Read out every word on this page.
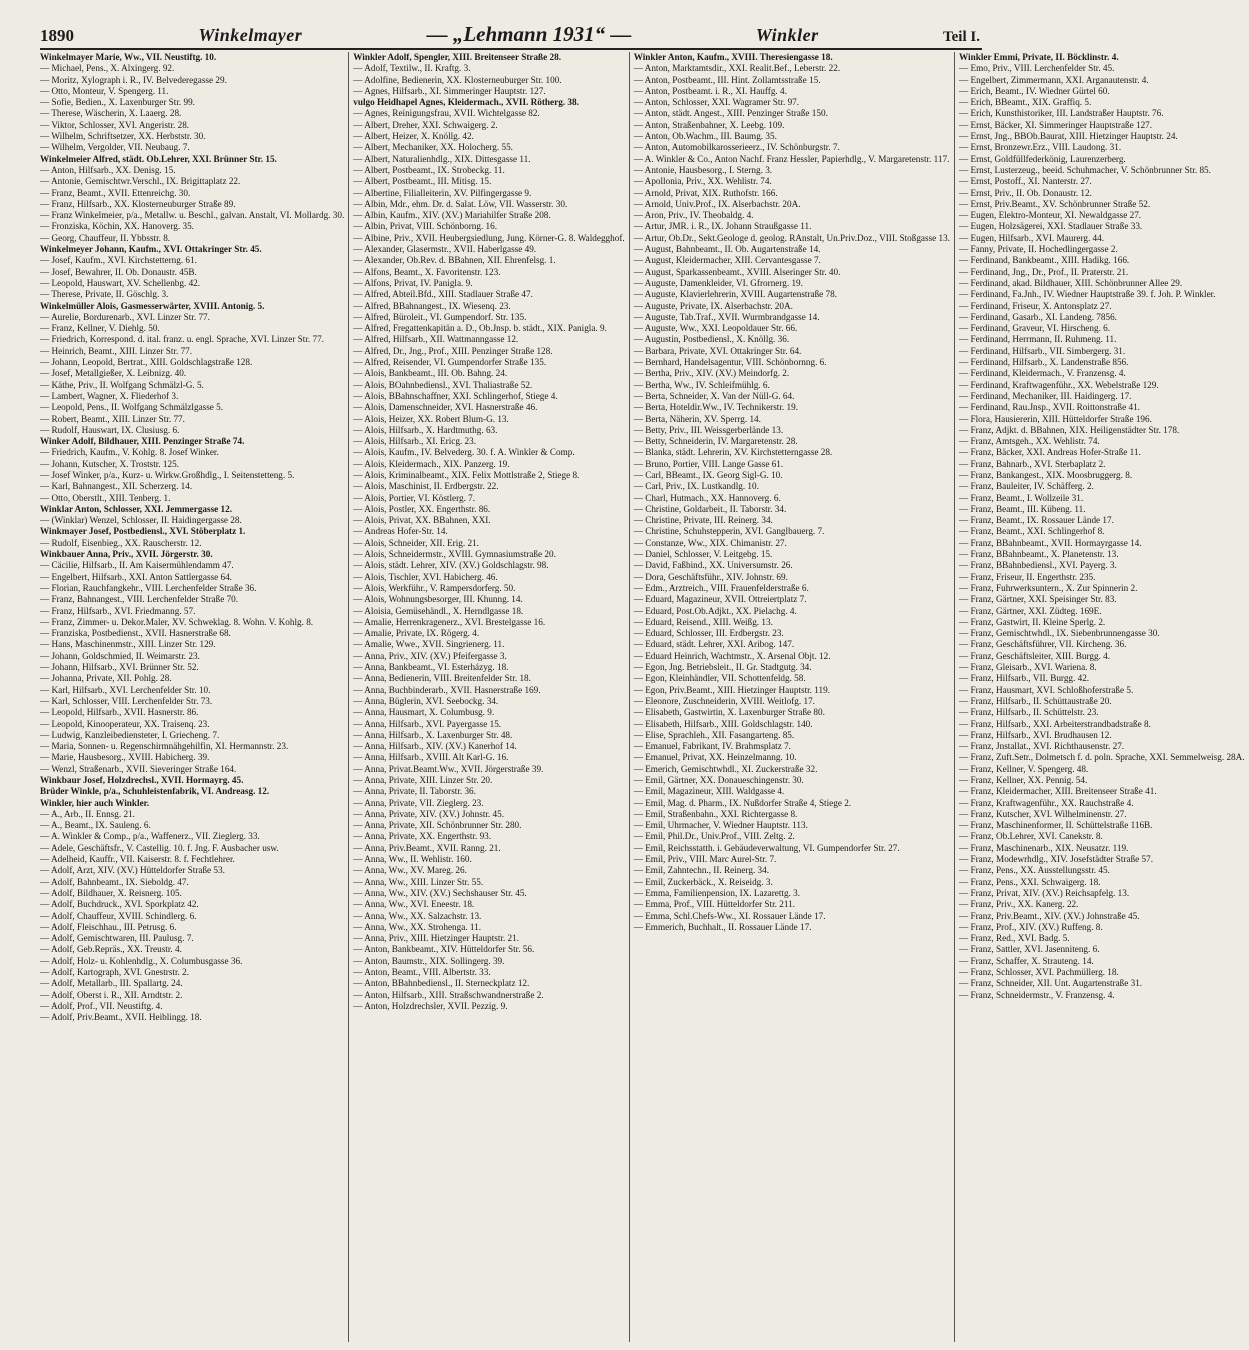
1890	Winkelmayer	— „Lehmann 1931“ —	Winkler	Teil I.
Winkelmayer Marie, Ww., VII. Neustiftg. 10.
— Michael, Pens., X. Alxingerg. 92.
— Moritz, Xylograph i. R., IV. Belvederegasse 29.
— Otto, Monteur, V. Spengerg. 11.
— Sofie, Bedien., X. Laxenburger Str. 99.
— Therese, Wäscherin, X. Laaerg. 28.
— Viktor, Schlosser, XVI. Angeristr. 28.
— Wilhelm, Schriftsetzer, XX. Herbststr. 30.
— Wilhelm, Vergolder, VII. Neubaug. 7.
Winkelmeier Alfred, städt. Ob.Lehrer, XXI. Brünner Str. 15.
— Anton, Hilfsarb., XX. Denisg. 15.
— Antonie, Gemischtwr.Verschl., IX. Brigittaplatz 22.
— Franz, Beamt., XVII. Ettenreichg. 30.
— Franz, Hilfsarb., XX. Klosterneuburger Straße 89.
— Franz Winkelmeier, p/a., Metallw. u. Beschl., galvan. Anstalt, VI. Mollardg. 30.
— Fronziska, Köchin, XX. Hanoverg. 35.
— Georg, Chauffeur, II. Ybbsstr. 8.
Winkelmeyer Johann, Kaufm., XVI. Ottakringer Str. 45.
— Josef, Kaufm., XVI. Kirchstetterng. 61.
— Josef, Bewahrer, II. Ob. Donaustr. 45B.
— Leopold, Hauswart, XV. Schellenbg. 42.
— Therese, Private, II. Göschlg. 3.
Winkelmüller Alois, Gasmesserwärter, XVIII. Antonig. 5.
— Aurelie, Bordurenarb., XVI. Linzer Str. 77.
— Franz, Kellner, V. Diehlg. 50.
— Friedrich, Korrespond. d. ital. franz. u. engl. Sprache, XVI. Linzer Str. 77.
— Heinrich, Beamt., XIII. Linzer Str. 77.
— Johann, Leopold, Bertrat., XIII. Goldschlagstraße 128.
— Josef, Metallgießer, X. Leibnizg. 40.
— Käthe, Priv., II. Wolfgang Schmälzl-G. 5.
— Lambert, Wagner, X. Fliederhof 3.
— Leopold, Pens., II. Wolfgang Schmälzlgasse 5.
— Robert, Beamt., XIII. Linzer Str. 77.
— Rudolf, Hauswart, IX. Clusiusg. 6.
Winker Adolf, Bildhauer, XIII. Penzinger Straße 74.
— Friedrich, Kaufm., V. Kohlg. 8. Josef Winker.
— Johann, Kutscher, X. Troststr. 125.
— Josef Winker, p/a., Kurz- u. Wirkw.Großhdlg., I. Seitenstetteng. 5.
— Karl, Bahnangest., XII. Scherzerg. 14.
— Otto, Oberstlt., XIII. Tenberg. 1.
Winklar Anton, Schlosser, XXI. Jemmergasse 12.
— (Winklar) Wenzel, Schlosser, II. Haidingergasse 28.
Winkmayer Josef, Postbediensl., XVI. Stöberplatz 1.
— Rudolf, Eisenbieg., XX. Rauscherstr. 12.
Winkbauer Anna, Priv., XVII. Jörgerstr. 30.
— Cäcilie, Hilfsarb., II. Am Kaisermühlendamm 47.
— Engelbert, Hilfsarb., XXI. Anton Sattlergasse 64.
— Florian, Rauchfangkehr., VIII. Lerchenfelder Straße 36.
— Franz, Bahnangest., VIII. Lerchenfelder Straße 70.
— Franz, Hilfsarb., XVI. Friedmanng. 57.
— Franz, Zimmer- u. Dekor.Maler, XV. Schweklag. 8. Wohn. V. Kohlg. 8.
— Franziska, Postbedienst., XVII. Hasnerstraße 68.
— Hans, Maschinenmstr., XIII. Linzer Str. 129.
— Johann, Goldschmied, II. Weimarstr. 23.
— Johann, Hilfsarb., XVI. Brünner Str. 52.
— Johanna, Private, XII. Pohlg. 28.
— Karl, Hilfsarb., XVI. Lerchenfelder Str. 10.
— Karl, Schlosser, VIII. Lerchenfelder Str. 73.
— Leopold, Hilfsarb., XVII. Hasnerstr. 86.
— Leopold, Kinooperateur, XX. Traisenq. 23.
— Ludwig, Kanzleibediensteter, I. Griecheng. 7.
— Maria, Sonnen- u. Regenschirmnähgehilfin, XI. Hermannstr. 23.
— Marie, Hausbesorg., XVIII. Habicherg. 39.
— Wenzl, Straßenarb., XVII. Sieveringer Straße 164.
Winkbaur Josef, Holzdrechsl., XVII. Hormayrg. 45.
Brüder Winkle, p/a., Schuhleistenfabrik, VI. Andreasg. 12.
Winkler, hier auch Winkler.
— A., Arb., II. Ennsg. 21.
— A., Beamt., IX. Sauleng. 6.
— A. Winkler & Comp., p/a., Waffenerz., VII. Zieglerg. 33.
— Adele, Geschäftsfr., V. Castellig. 10. f. Jng. F. Ausbacher usw.
— Adelheid, Kauffr., VII. Kaiserstr. 8. f. Fechtlehrer.
— Adolf, Arzt, XIV. (XV.) Hütteldorfer Straße 53.
— Adolf, Bahnbeamt., IX. Sieboldg. 47.
— Adolf, Bildhauer, X. Reisnerg. 105.
— Adolf, Buchdruck., XVI. Sporkplatz 42.
— Adolf, Chauffeur, XVIII. Schindlerg. 6.
— Adolf, Fleischhau., III. Petrusg. 6.
— Adolf, Gemischtwaren, III. Paulusg. 7.
— Adolf, Geb.Repräs., XX. Treustr. 4.
— Adolf, Holz- u. Kohlenhdlg., X. Columbusgasse 36.
— Adolf, Kartograph, XVI. Gnestrstr. 2.
— Adolf, Metallarb., III. Spallartg. 24.
— Adolf, Oberst i. R., XII. Arndtstr. 2.
— Adolf, Prof., VII. Neustiftg. 4.
— Adolf, Priv.Beamt., XVII. Heiblingg. 18.
Winkler Adolf, Spengler, XIII. Breitenseer Straße 28.
— Adolf, Textilw., II. Kraftg. 3.
— Adolfine, Bedienerin, XX. Klosterneuburger Str. 100.
— Agnes, Hilfsarb., XI. Simmeringer Hauptstr. 127.
vulgo Heidhapel Agnes, Kleidermach., XVII. Rötherg. 38.
— Agnes, Reinigungsfrau, XVII. Wichtelgasse 82.
— Albert, Dreher, XXI. Schwaigerg. 2.
— Albert, Heizer, X. Knöllg. 42.
— Albert, Mechaniker, XX. Holocherg. 55.
— Albert, Naturalienhdlg., XIX. Dittesgasse 11.
— Albert, Postbeamt., IX. Strobeckg. 11.
— Albert, Postbeamt., III. Mitisg. 15.
— Albertine, Filialleiterin, XV. Pilfingergasse 9.
— Albin, Mdr., ehm. Dr. d. Salat. Löw, VII. Wasserstr. 30.
— Albin, Kaufm., XIV. (XV.) Mariahilfer Straße 208.
— Albin, Privat, VIII. Schönborng. 16.
— Albine, Priv., XVII. Heubergsiedlung, Jung. Körner-G. 8. Waldegghof.
— Alexander, Glasermstr., XVII. Haberlgasse 49.
— Alexander, Ob.Rev. d. BBahnen, XII. Ehrenfelsg. 1.
— Alfons, Beamt., X. Favoritenstr. 123.
— Alfons, Privat, IV. Panigla. 9.
— Alfred, Abteil.Bfd., XIII. Stadlauer Straße 47.
— Alfred, BBahnangest., IX. Wiesenq. 23.
— Alfred, Büroleit., VI. Gumpendorf. Str. 135.
— Alfred, Fregattenkapitän a. D., Ob.Jnsp. b. städt., XIX. Panigla. 9.
— Alfred, Hilfsarb., XII. Wattmanngasse 12.
— Alfred, Dr., Jng., Prof., XIII. Penzinger Straße 128.
— Alfred, Reisender, VI. Gumpendorfer Straße 135.
— Alois, Bankbeamt., III. Ob. Bahng. 24.
— Alois, BOahnbediensl., XVI. Thaliastraße 52.
— Alois, BBahnschaffner, XXI. Schlingerhof, Stiege 4.
— Alois, Damenschneider, XVI. Hasnerstraße 46.
— Alois, Heizer, XX. Robert Blum-G. 13.
— Alois, Hilfsarb., X. Hardtmuthg. 63.
— Alois, Hilfsarb., XI. Ericg. 23.
— Alois, Kaufm., IV. Belvederg. 30. f. A. Winkler & Comp.
— Alois, Kleidermach., XIX. Panzerg. 19.
— Alois, Kriminalbeamt., XIX. Felix Mottlstraße 2, Stiege 8.
— Alois, Maschinist, II. Erdbergstr. 22.
— Alois, Portier, VI. Köstlerg. 7.
— Alois, Postler, XX. Engerthstr. 86.
— Alois, Privat, XX. BBahnen, XXI.
— Andreas Hofer-Str. 14.
— Alois, Schneider, XII. Erig. 21.
— Alois, Schneidermstr., XVIII. Gymnasiumstraße 20.
— Alois, städt. Lehrer, XIV. (XV.) Goldschlagstr. 98.
— Alois, Tischler, XVI. Habicherg. 46.
— Alois, Werkführ., V. Rampersdorferg. 50.
— Alois, Wohnungsbesorger, III. Khunng. 14.
— Aloisia, Gemüsehändl., X. Herndlgasse 18.
— Amalie, Herrenkragenerz., XVI. Brestelgasse 16.
— Amalie, Private, IX. Rögerg. 4.
— Amalie, Wwe., XVII. Singrienerg. 11.
— Anna, Priv., XIV. (XV.) Pfeifergasse 3.
— Anna, Bankbeamt., VI. Esterházyg. 18.
— Anna, Bedienerin, VIII. Breitenfelder Str. 18.
— Anna, Buchbinderarb., XVII. Hasnerstraße 169.
— Anna, Büglerin, XVI. Seebockg. 34.
— Anna, Hausmart, X. Columbusg. 9.
— Anna, Hilfsarb., XVI. Payergasse 15.
— Anna, Hilfsarb., X. Laxenburger Str. 48.
— Anna, Hilfsarb., XIV. (XV.) Kanerhof 14.
— Anna, Hilfsarb., XVIII. Alt Karl-G. 16.
— Anna, Privat.Beamt.Ww., XVII. Jörgerstraße 39.
— Anna, Private, XIII. Linzer Str. 20.
— Anna, Private, II. Taborstr. 36.
— Anna, Private, VII. Zieglerg. 23.
— Anna, Private, XIV. (XV.) Johnstr. 45.
— Anna, Private, XII. Schönbrunner Str. 280.
— Anna, Private, XX. Engerthstr. 93.
— Anna, Priv.Beamt., XVII. Ranng. 21.
— Anna, Ww., II. Wehlistr. 160.
— Anna, Ww., XV. Mareg. 26.
— Anna, Ww., XIII. Linzer Str. 55.
— Anna, Ww., XIV. (XV.) Sechshauser Str. 45.
— Anna, Ww., XVI. Eneestr. 18.
— Anna, Ww., XX. Salzachstr. 13.
— Anna, Ww., XX. Strohenga. 11.
— Anna, Priv., XIII. Hietzinger Hauptstr. 21.
— Anton, Bankbeamt., XIV. Hütteldorfer Str. 56.
— Anton, Baumstr., XIX. Sollingerg. 39.
— Anton, Beamt., VIII. Albertstr. 33.
— Anton, BBahnbediensl., II. Sterneckplatz 12.
— Anton, Hilfsarb., XIII. Straßschwandnerstraße 2.
— Anton, Holzdrechsler, XVII. Pezzig. 9.
Winkler Anton, Kaufm., XVIII. Theresiengasse 18.
— Anton, Marktamtsdir., XXI. Realit.Bef., Leberstr. 22.
— Anton, Postbeamt., III. Hint. Zollamtsstraße 15.
— Anton, Postbeamt. i. R., XI. Hauffg. 4.
— Anton, Schlosser, XXI. Wagramer Str. 97.
— Anton, städt. Angest., XIII. Penzinger Straße 150.
— Anton, Straßenbahner, X. Leebg. 109.
— Anton, Ob.Wachm., III. Baumg. 35.
— Anton, Automobilkarosserieerz., IV. Schönburgstr. 7.
— A. Winkler & Co., Anton Nachf. Franz Hessler, Papierhdlg., V. Margaretenstr. 117.
— Antonie, Hausbesorg., I. Sterng. 3.
— Apollonia, Priv., XX. Wehlistr. 74.
— Arnold, Privat, XIX. Ruthofstr. 166.
— Arnold, Univ.Prof., IX. Alserbachstr. 20A.
— Aron, Priv., IV. Theobaldg. 4.
— Artur, JMR. i. R., IX. Johann Straußgasse 11.
— Artur, Ob.Dr., Sekt.Geologe d. geolog. RAnstalt, Un.Priv.Doz., VIII. Stoßgasse 13.
— August, Bahnbeamt., II. Ob. Augartenstraße 14.
— August, Kleidermacher, XIII. Cervantesgasse 7.
— August, Sparkassenbeamt., XVIII. Alseringer Str. 40.
— Auguste, Damenkleider, VI. Gfrornerg. 19.
— Auguste, Klavierlehrerin, XVIII. Augartenstraße 78.
— Auguste, Private, IX. Alserbachstr. 20A.
— Auguste, Tab.Traf., XVII. Wurmbrandgasse 14.
— Auguste, Ww., XXI. Leopoldauer Str. 66.
— Augustin, Postbediensl., X. Knöllg. 36.
— Barbara, Private, XVI. Ottakringer Str. 64.
— Bernhard, Handelsagentur, VIII. Schönbornng. 6.
— Bertha, Priv., XIV. (XV.) Meindorfg. 2.
— Bertha, Ww., IV. Schleifmühlg. 6.
— Berta, Schneider, X. Van der Nüll-G. 64.
— Berta, Hoteldir.Ww., IV. Technikerstr. 19.
— Berta, Näherin, XV. Sperrg. 14.
— Betty, Priv., III. Weissgerberlände 13.
— Betty, Schneiderin, IV. Margaretenstr. 28.
— Blanka, städt. Lehrerin, XV. Kirchstetterngasse 28.
— Bruno, Portier, VIII. Lange Gasse 61.
— Carl, BBeamt., IX. Georg Sigl-G. 10.
— Carl, Priv., IX. Lustkandlg. 10.
— Charl, Hutmach., XX. Hannoverg. 6.
— Christine, Goldarbeit., II. Taborstr. 34.
— Christine, Private, III. Reinerg. 34.
— Christine, Schuhstepperin, XVI. Ganglbauerg. 7.
— Constanze, Ww., XIX. Chimanistr. 27.
— Daniel, Schlosser, V. Leitgebg. 15.
— David, Faßbind., XX. Universumstr. 26.
— Dora, Geschäftsführ., XIV. Johnstr. 69.
— Edm., Arztreich., VIII. Frauenfelderstraße 6.
— Eduard, Magazineur, XVII. Ottreiertplatz 7.
— Eduard, Post.Ob.Adjkt., XX. Pielachg. 4.
— Eduard, Reisend., XIII. Weißg. 13.
— Eduard, Schlosser, III. Erdbergstr. 23.
— Eduard, städt. Lehrer, XXI. Aribog. 147.
— Eduard Heinrich, Wachtmstr., X. Arsenal Objt. 12.
— Egon, Jng. Betriebsleit., II. Gr. Stadtgutg. 34.
— Egon, Kleinhändler, VII. Schottenfeldg. 58.
— Egon, Priv.Beamt., XIII. Hietzinger Hauptstr. 119.
— Eleonore, Zuschneiderin, XVIII. Weitlofg. 17.
— Elisabeth, Gastwirtin, X. Laxenburger Straße 80.
— Elisabeth, Hilfsarb., XIII. Goldschlagstr. 140.
— Elise, Sprachleh., XII. Fasangarteng. 85.
— Emanuel, Fabrikant, IV. Brahmsplatz 7.
— Emanuel, Privat, XX. Heinzelmanng. 10.
— Emerich, Gemischtwhdl., XI. Zuckerstraße 32.
— Emil, Gärtner, XX. Donaueschingenstr. 30.
— Emil, Magazineur, XIII. Waldgasse 4.
— Emil, Mag. d. Pharm., IX. Nußdorfer Straße 4, Stiege 2.
— Emil, Straßenbahn., XXI. Richtergasse 8.
— Emil, Uhrmacher, V. Wiedner Hauptstr. 113.
— Emil, Phil.Dr., Univ.Prof., VIII. Zeltg. 2.
— Emil, Reichsstatth. i. Gebäudeverwaltung, VI. Gumpendorfer Str. 27.
— Emil, Priv., VIII. Marc Aurel-Str. 7.
— Emil, Zahntechn., II. Reinerg. 34.
— Emil, Zuckerbäck., X. Reiseidg. 3.
— Emma, Familienpension, IX. Lazarettg. 3.
— Emma, Prof., VIII. Hütteldorfer Str. 211.
— Emma, Schl.Chefs-Ww., XI. Rossauer Lände 17.
— Emmerich, Buchhalt., II. Rossauer Lände 17.
Winkler Emmi, Private, II. Böcklinstr. 4.
— Emo, Priv., VIII. Lerchenfelder Str. 45.
— Engelbert, Zimmermann, XXI. Arganautenstr. 4.
— Erich, Beamt., IV. Wiedner Gürtel 60.
— Erich, BBeamt., XIX. Graffiq. 5.
— Erich, Kunsthistoriker, III. Landstraßer Hauptstr. 76.
— Ernst, Bäcker, XI. Simmeringer Hauptstraße 127.
— Ernst, Jng., BBOb.Baurat, XIII. Hietzinger Hauptstr. 24.
— Ernst, Bronzewr.Erz., VIII. Laudong. 31.
— Ernst, Goldfüllfederkönig, Laurenzerberg.
— Ernst, Lusterzeug., beeid. Schuhmacher, V. Schönbrunner Str. 85.
— Ernst, Postoff., XI. Nanterstr. 27.
— Ernst, Priv., II. Ob. Donaustr. 12.
— Ernst, Priv.Beamt., XV. Schönbrunner Straße 52.
— Eugen, Elektro-Monteur, XI. Newaldgasse 27.
— Eugen, Holzsägerei, XXI. Stadlauer Straße 33.
— Eugen, Hilfsarb., XVI. Maurerg. 44.
— Fanny, Private, II. Hochedlingergasse 2.
— Ferdinand, Bankbeamt., XIII. Hadikg. 166.
— Ferdinand, Jng., Dr., Prof., II. Praterstr. 21.
— Ferdinand, akad. Bildhauer, XIII. Schönbrunner Allee 29.
— Ferdinand, Fa.Jnh., IV. Wiedner Hauptstraße 39. f. Joh. P. Winkler.
— Ferdinand, Friseur, X. Antonsplatz 27.
— Ferdinand, Gasarb., XI. Landeng. 7856.
— Ferdinand, Graveur, VI. Hirscheng. 6.
— Ferdinand, Herrmann, II. Ruhmeng. 11.
— Ferdinand, Hilfsarb., VII. Simbergerg. 31.
— Ferdinand, Hilfsarb., X. Landenstraße 856.
— Ferdinand, Kleidermach., V. Franzensg. 4.
— Ferdinand, Kraftwagenführ., XX. Webelstraße 129.
— Ferdinand, Mechaniker, III. Haidingerg. 17.
— Ferdinand, Rau.Jnsp., XVII. Roittonstraße 41.
— Flora, Hausiererin, XIII. Hütteldorfer Straße 196.
— Franz, Adjkt. d. BBahnen, XIX. Heiligenstädter Str. 178.
— Franz, Amtsgeh., XX. Wehlistr. 74.
— Franz, Bäcker, XXI. Andreas Hofer-Straße 11.
— Franz, Bahnarb., XVI. Sterbaplatz 2.
— Franz, Bankangest., XIX. Moosbruggerg. 8.
— Franz, Bauleiter, IV. Schäfferg. 2.
— Franz, Beamt., I. Wollzeile 31.
— Franz, Beamt., III. Kübeng. 11.
— Franz, Beamt., IX. Rossauer Lände 17.
— Franz, Beamt., XXI. Schlingerhof 8.
— Franz, BBahnbeamt., XVII. Hormayrgasse 14.
— Franz, BBahnbeamt., X. Planetenstr. 13.
— Franz, BBahnbediensl., XVI. Payerg. 3.
— Franz, Friseur, II. Engerthstr. 235.
— Franz, Fuhrwerksuntern., X. Zur Spinnerin 2.
— Franz, Gärtner, XXI. Speisinger Str. 83.
— Franz, Gärtner, XXI. Züdteg. 169E.
— Franz, Gastwirt, II. Kleine Sperlg. 2.
— Franz, Gemischtwhdl., IX. Siebenbrunnengasse 30.
— Franz, Geschäftsführer, VII. Kircheng. 36.
— Franz, Geschäftsleiter, XIII. Burgg. 4.
— Franz, Gleisarb., XVI. Wariena. 8.
— Franz, Hilfsarb., VII. Burgg. 42.
— Franz, Hausmart, XVI. Schloßhoferstraße 5.
— Franz, Hilfsarb., II. Schüttaustraße 20.
— Franz, Hilfsarb., II. Schüttelstr. 23.
— Franz, Hilfsarb., XXI. Arbeiterstrandbadstraße 8.
— Franz, Hilfsarb., XVI. Brudhausen 12.
— Franz, Jnstallat., XVI. Richthausenstr. 27.
— Franz, Zuft.Setr., Dolmetsch f. d. poln. Sprache, XXI. Semmelweisg. 28A.
— Franz, Kellner, V. Spengerg. 48.
— Franz, Kellner, XX. Pennig. 54.
— Franz, Kleidermacher, XIII. Breitenseer Straße 41.
— Franz, Kraftwagenführ., XX. Rauchstraße 4.
— Franz, Kutscher, XVI. Wilhelminenstr. 27.
— Franz, Maschinenformer, II. Schüttelstraße 116B.
— Franz, Ob.Lehrer, XVI. Canekstr. 8.
— Franz, Maschinenarb., XIX. Neusatzr. 119.
— Franz, Modewrhdlg., XIV. Josefstädter Straße 57.
— Franz, Pens., XX. Ausstellungsstr. 45.
— Franz, Pens., XXI. Schwaigerg. 18.
— Franz, Privat, XIV. (XV.) Reichsapfelg. 13.
— Franz, Priv., XX. Kanerg. 22.
— Franz, Priv.Beamt., XIV. (XV.) Johnstraße 45.
— Franz, Prof., XIV. (XV.) Ruffeng. 8.
— Franz, Red., XVI. Badg. 5.
— Franz, Sattler, XVI. Jasenniteng. 6.
— Franz, Schaffer, X. Strauteng. 14.
— Franz, Schlosser, XVI. Pachmüllerg. 18.
— Franz, Schneider, XII. Unt. Augartenstraße 31.
— Franz, Schneidermstr., V. Franzensg. 4.
